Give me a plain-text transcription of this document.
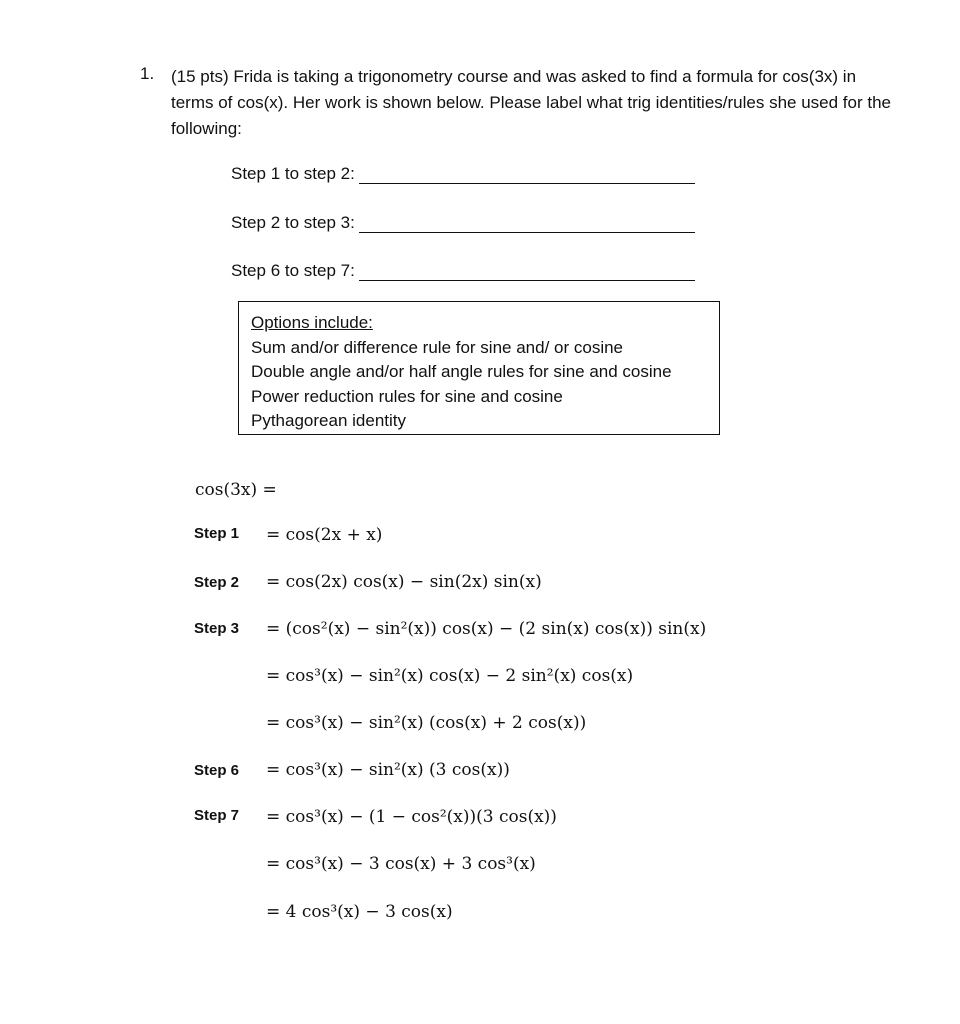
1. (15 pts) Frida is taking a trigonometry course and was asked to find a formula for cos(3x) in terms of cos(x). Her work is shown below. Please label what trig identities/rules she used for the following:
Step 1 to step 2:
Step 2 to step 3:
Step 6 to step 7:
Options include:
Sum and/or difference rule for sine and/ or cosine
Double angle and/or half angle rules for sine and cosine
Power reduction rules for sine and cosine
Pythagorean identity
cos(3x) =
Step 1 = cos(2x + x)
Step 2 = cos(2x) cos(x) − sin(2x) sin(x)
Step 3 = (cos²(x) − sin²(x)) cos(x) − (2 sin(x) cos(x)) sin(x)
= cos³(x) − sin²(x) cos(x) − 2 sin²(x) cos(x)
= cos³(x) − sin²(x) (cos(x) + 2 cos(x))
Step 6 = cos³(x) − sin²(x) (3 cos(x))
Step 7 = cos³(x) − (1 − cos²(x))(3 cos(x))
= cos³(x) − 3 cos(x) + 3 cos³(x)
= 4 cos³(x) − 3 cos(x)
